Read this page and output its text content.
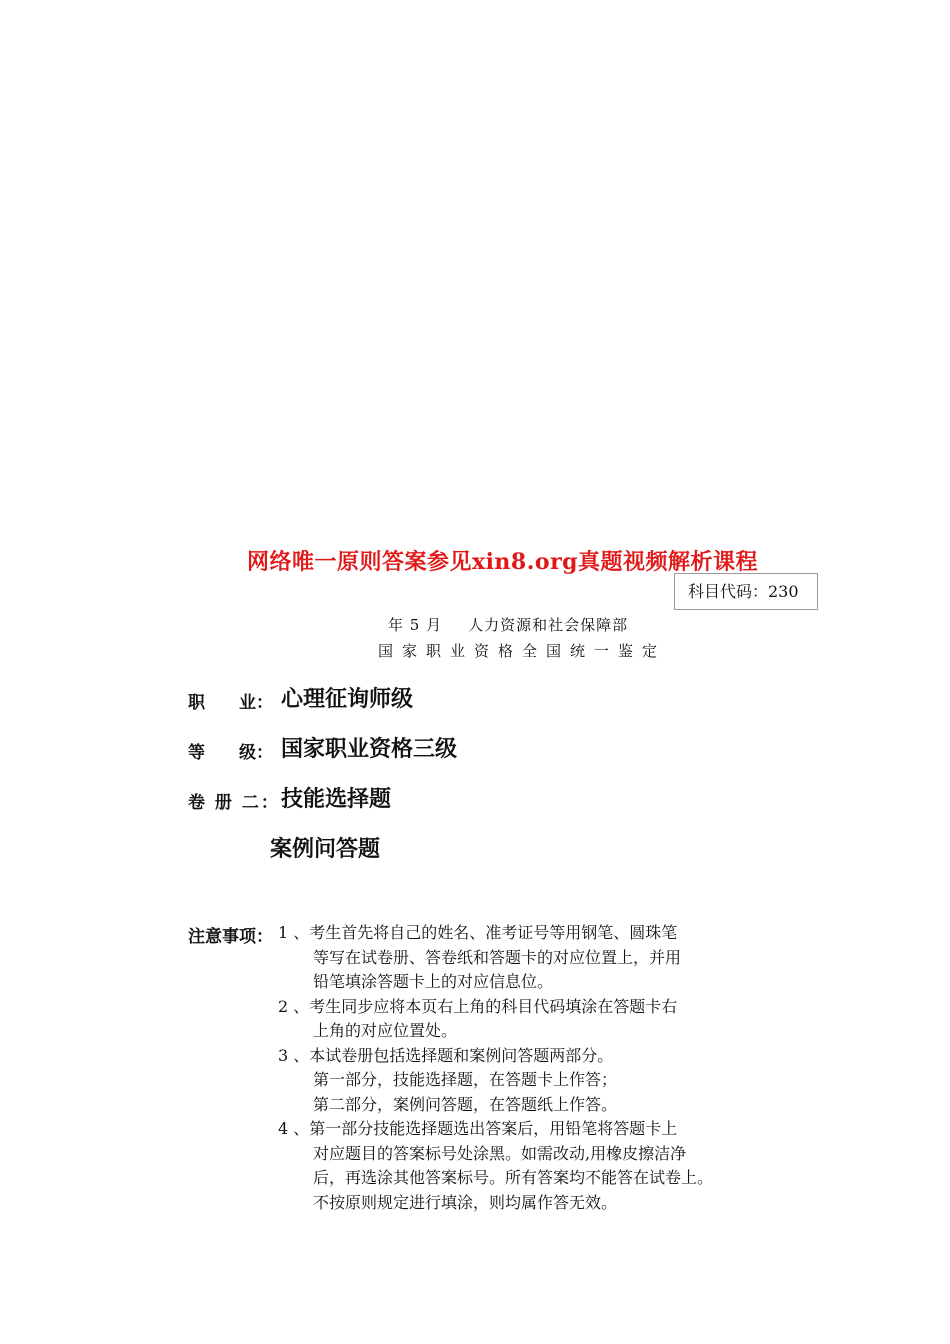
网络唯一原则答案参见xin8.org真题视频解析课程
科目代码：230
年 5 月 人力资源和社会保障部
国家职业资格全国统一鉴定
职　　业： 心理征询师级
等　　级： 国家职业资格三级
卷 册 二： 技能选择题
案例问答题
注意事项： 1 、考生首先将自己的姓名、准考证号等用钢笔、圆珠笔
等写在试卷册、答卷纸和答题卡的对应位置上，并用
铅笔填涂答题卡上的对应信息位。
2 、考生同步应将本页右上角的科目代码填涂在答题卡右
上角的对应位置处。
3 、本试卷册包括选择题和案例问答题两部分。
第一部分，技能选择题，在答题卡上作答；
第二部分，案例问答题，在答题纸上作答。
4 、第一部分技能选择题选出答案后，用铅笔将答题卡上
对应题目的答案标号处涂黑。如需改动,用橡皮擦洁净
后，再选涂其他答案标号。所有答案均不能答在试卷上。
不按原则规定进行填涂，则均属作答无效。
